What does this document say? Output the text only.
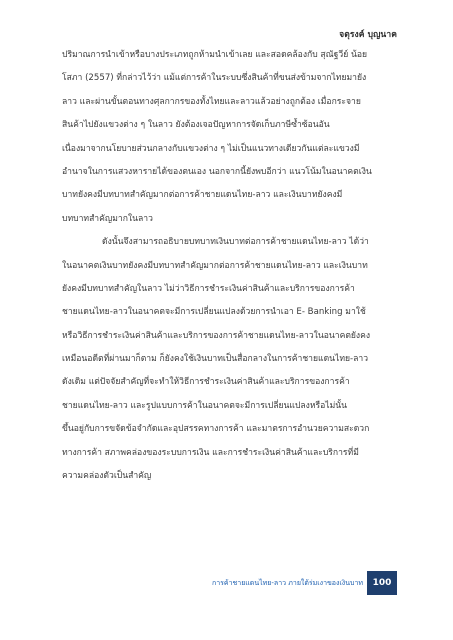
จตุรงค์ บุญนาค
ปริมาณการนำเข้าหรือบางประเภทถูกห้ามนำเข้าเลย และสอดคล้องกับ สุณัฐวีย์ น้อย
โสภา (2557) ที่กล่าวไว้ว่า แม้แต่การค้าในระบบซึ่งสินค้าที่ขนส่งข้ามจากไทยมายัง
ลาว และผ่านขั้นตอนทางศุลกากรของทั้งไทยและลาวแล้วอย่างถูกต้อง เมื่อกระจาย
สินค้าไปยังแขวงต่าง ๆ ในลาว ยังต้องเจอปัญหาการจัดเก็บภาษีซ้ำซ้อนอัน
เนื่องมาจากนโยบายส่วนกลางกับแขวงต่าง ๆ ไม่เป็นแนวทางเดียวกันแต่ละแขวงมี
อำนาจในการแสวงหารายได้ของตนเอง นอกจากนี้ยังพบอีกว่า แนวโน้มในอนาคตเงิน
บาทยังคงมีบทบาทสำคัญมากต่อการค้าชายแดนไทย-ลาว และเงินบาทยังคงมี
บทบาทสำคัญมากในลาว
ดังนั้นจึงสามารถอธิบายบทบาทเงินบาทต่อการค้าชายแดนไทย-ลาว ได้ว่า
ในอนาคตเงินบาทยังคงมีบทบาทสำคัญมากต่อการค้าชายแดนไทย-ลาว และเงินบาท
ยังคงมีบทบาทสำคัญในลาว ไม่ว่าวิธีการชำระเงินค่าสินค้าและบริการของการค้า
ชายแดนไทย-ลาวในอนาคตจะมีการเปลี่ยนแปลงด้วยการนำเอา E- Banking มาใช้
หรือวิธีการชำระเงินค่าสินค้าและบริการของการค้าชายแดนไทย-ลาวในอนาคตยังคง
เหมือนอดีตที่ผ่านมาก็ตาม ก็ยังคงใช้เงินบาทเป็นสื่อกลางในการค้าชายแดนไทย-ลาว
ดังเดิม แต่ปัจจัยสำคัญที่จะทำให้วิธีการชำระเงินค่าสินค้าและบริการของการค้า
ชายแดนไทย-ลาว และรูปแบบการค้าในอนาคตจะมีการเปลี่ยนแปลงหรือไม่นั้น
ขึ้นอยู่กับการขจัดข้อจำกัดและอุปสรรคทางการค้า และมาตรการอำนวยความสะดวก
ทางการค้า สภาพคล่องของระบบการเงิน และการชำระเงินค่าสินค้าและบริการที่มี
ความคล่องตัวเป็นสำคัญ
การค้าชายแดนไทย-ลาว ภายใต้ร่มเงาของเงินบาท	100
